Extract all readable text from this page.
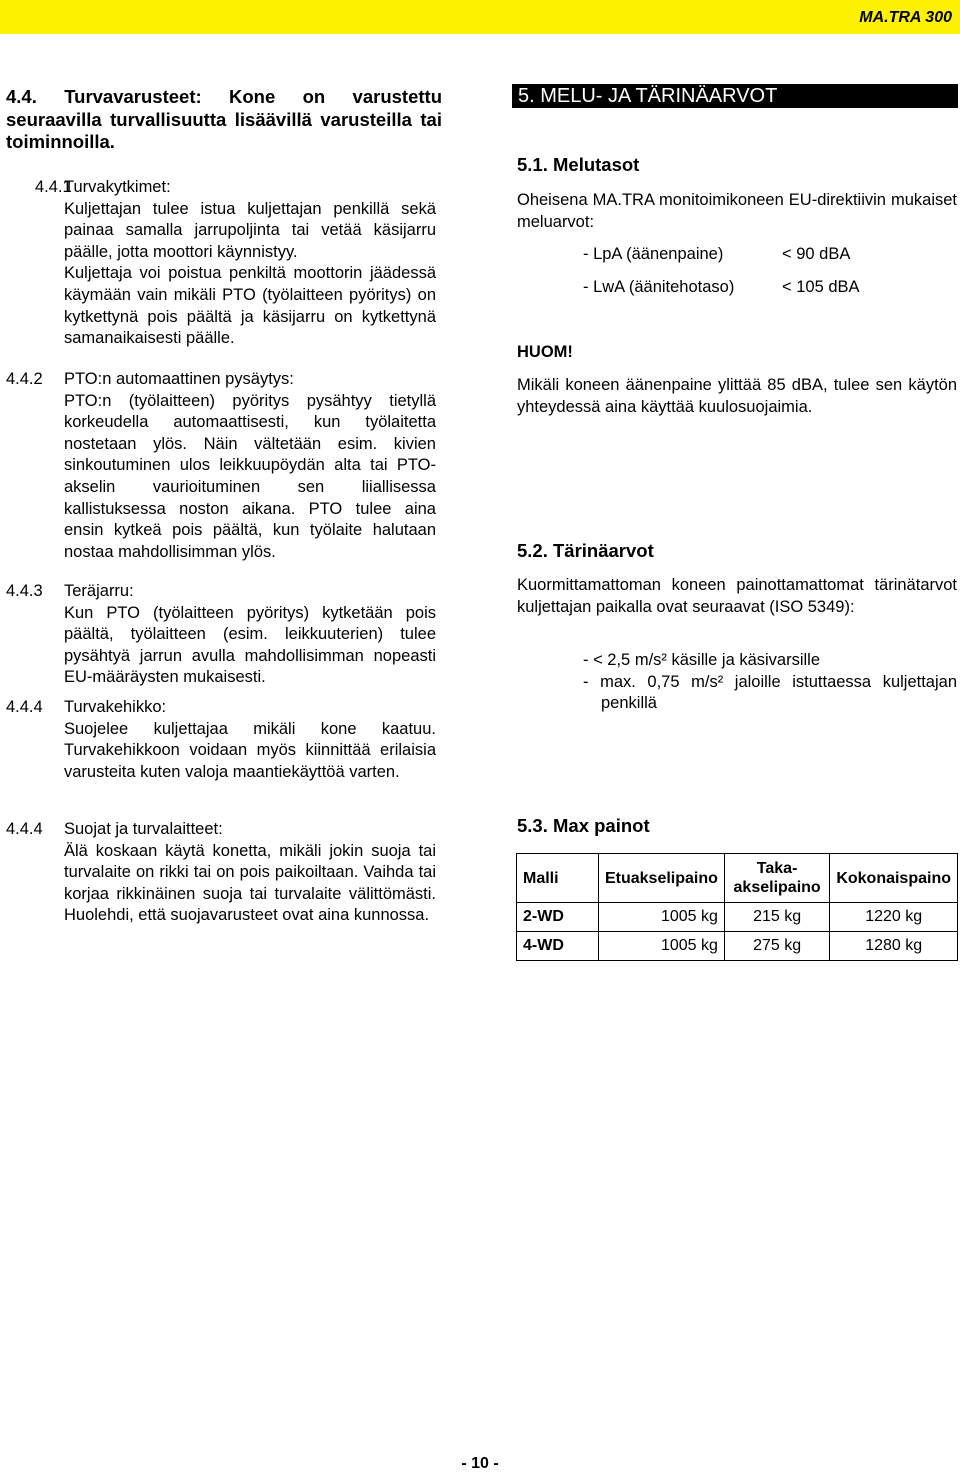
MA.TRA 300
4.4. Turvavarusteet: Kone on varustettu seuraavilla turvallisuutta lisäävillä varusteilla tai toiminnoilla.
4.4.1

Turvakytkimet:

Kuljettajan tulee istua kuljettajan penkillä sekä painaa samalla jarrupoljinta tai vetää käsijarru päälle, jotta moottori käynnistyy.

Kuljettaja voi poistua penkiltä moottorin jäädessä käymään vain mikäli PTO (työlaitteen pyöritys) on kytkettynä pois päältä ja käsijarru on kytkettynä samanaikaisesti päälle.

4.4.2	PTO:n automaattinen pysäytys:

PTO:n (työlaitteen) pyöritys pysähtyy tietyllä korkeudella automaattisesti, kun työlaitetta nostetaan ylös. Näin vältetään esim. kivien sinkoutuminen ulos leikkuupöydän alta tai PTO-akselin vaurioituminen sen liiallisessa kallistuksessa noston aikana. PTO tulee aina ensin kytkeä pois päältä, kun työlaite halutaan nostaa mahdollisimman ylös.

4.4.3	Teräjarru:

Kun PTO (työlaitteen pyöritys) kytketään pois päältä, työlaitteen (esim. leikkuuterien) tulee pysähtyä jarrun avulla mahdollisimman nopeasti EU-määräysten mukaisesti.

4.4.4	Turvakehikko:

Suojelee kuljettajaa mikäli kone kaatuu. Turvakehikkoon voidaan myös kiinnittää erilaisia varusteita kuten valoja maantiekäyttöä varten.

4.4.4	Suojat ja turvalaitteet:

Älä koskaan käytä konetta, mikäli jokin suoja tai turvalaite on rikki tai on pois paikoiltaan. Vaihda tai korjaa rikkinäinen suoja tai turvalaite välittömästi. Huolehdi, että suojavarusteet ovat aina kunnossa.

5. MELU- JA TÄRINÄARVOT
5.1. Melutasot
Oheisena MA.TRA monitoimikoneen EU-direktiivin mukaiset meluarvot:
- LpA (äänenpaine)	< 90 dBA
- LwA (äänitehotaso)	< 105 dBA
HUOM!
Mikäli koneen äänenpaine ylittää 85 dBA, tulee sen käytön yhteydessä aina käyttää kuulosuojaimia.
5.2. Tärinäarvot
Kuormittamattoman koneen painottamattomat tärinätarvot kuljettajan paikalla ovat seuraavat (ISO 5349):

- < 2,5 m/s² käsille ja käsivarsille

- max. 0,75 m/s² jaloille istuttaessa kuljettajan penkillä

5.3. Max painot
Malli	Etuakselipaino	Taka-akselipaino	Kokonaispaino
2-WD	1005 kg	215 kg	1220 kg
4-WD	1005 kg	275 kg	1280 kg
- 10 -
